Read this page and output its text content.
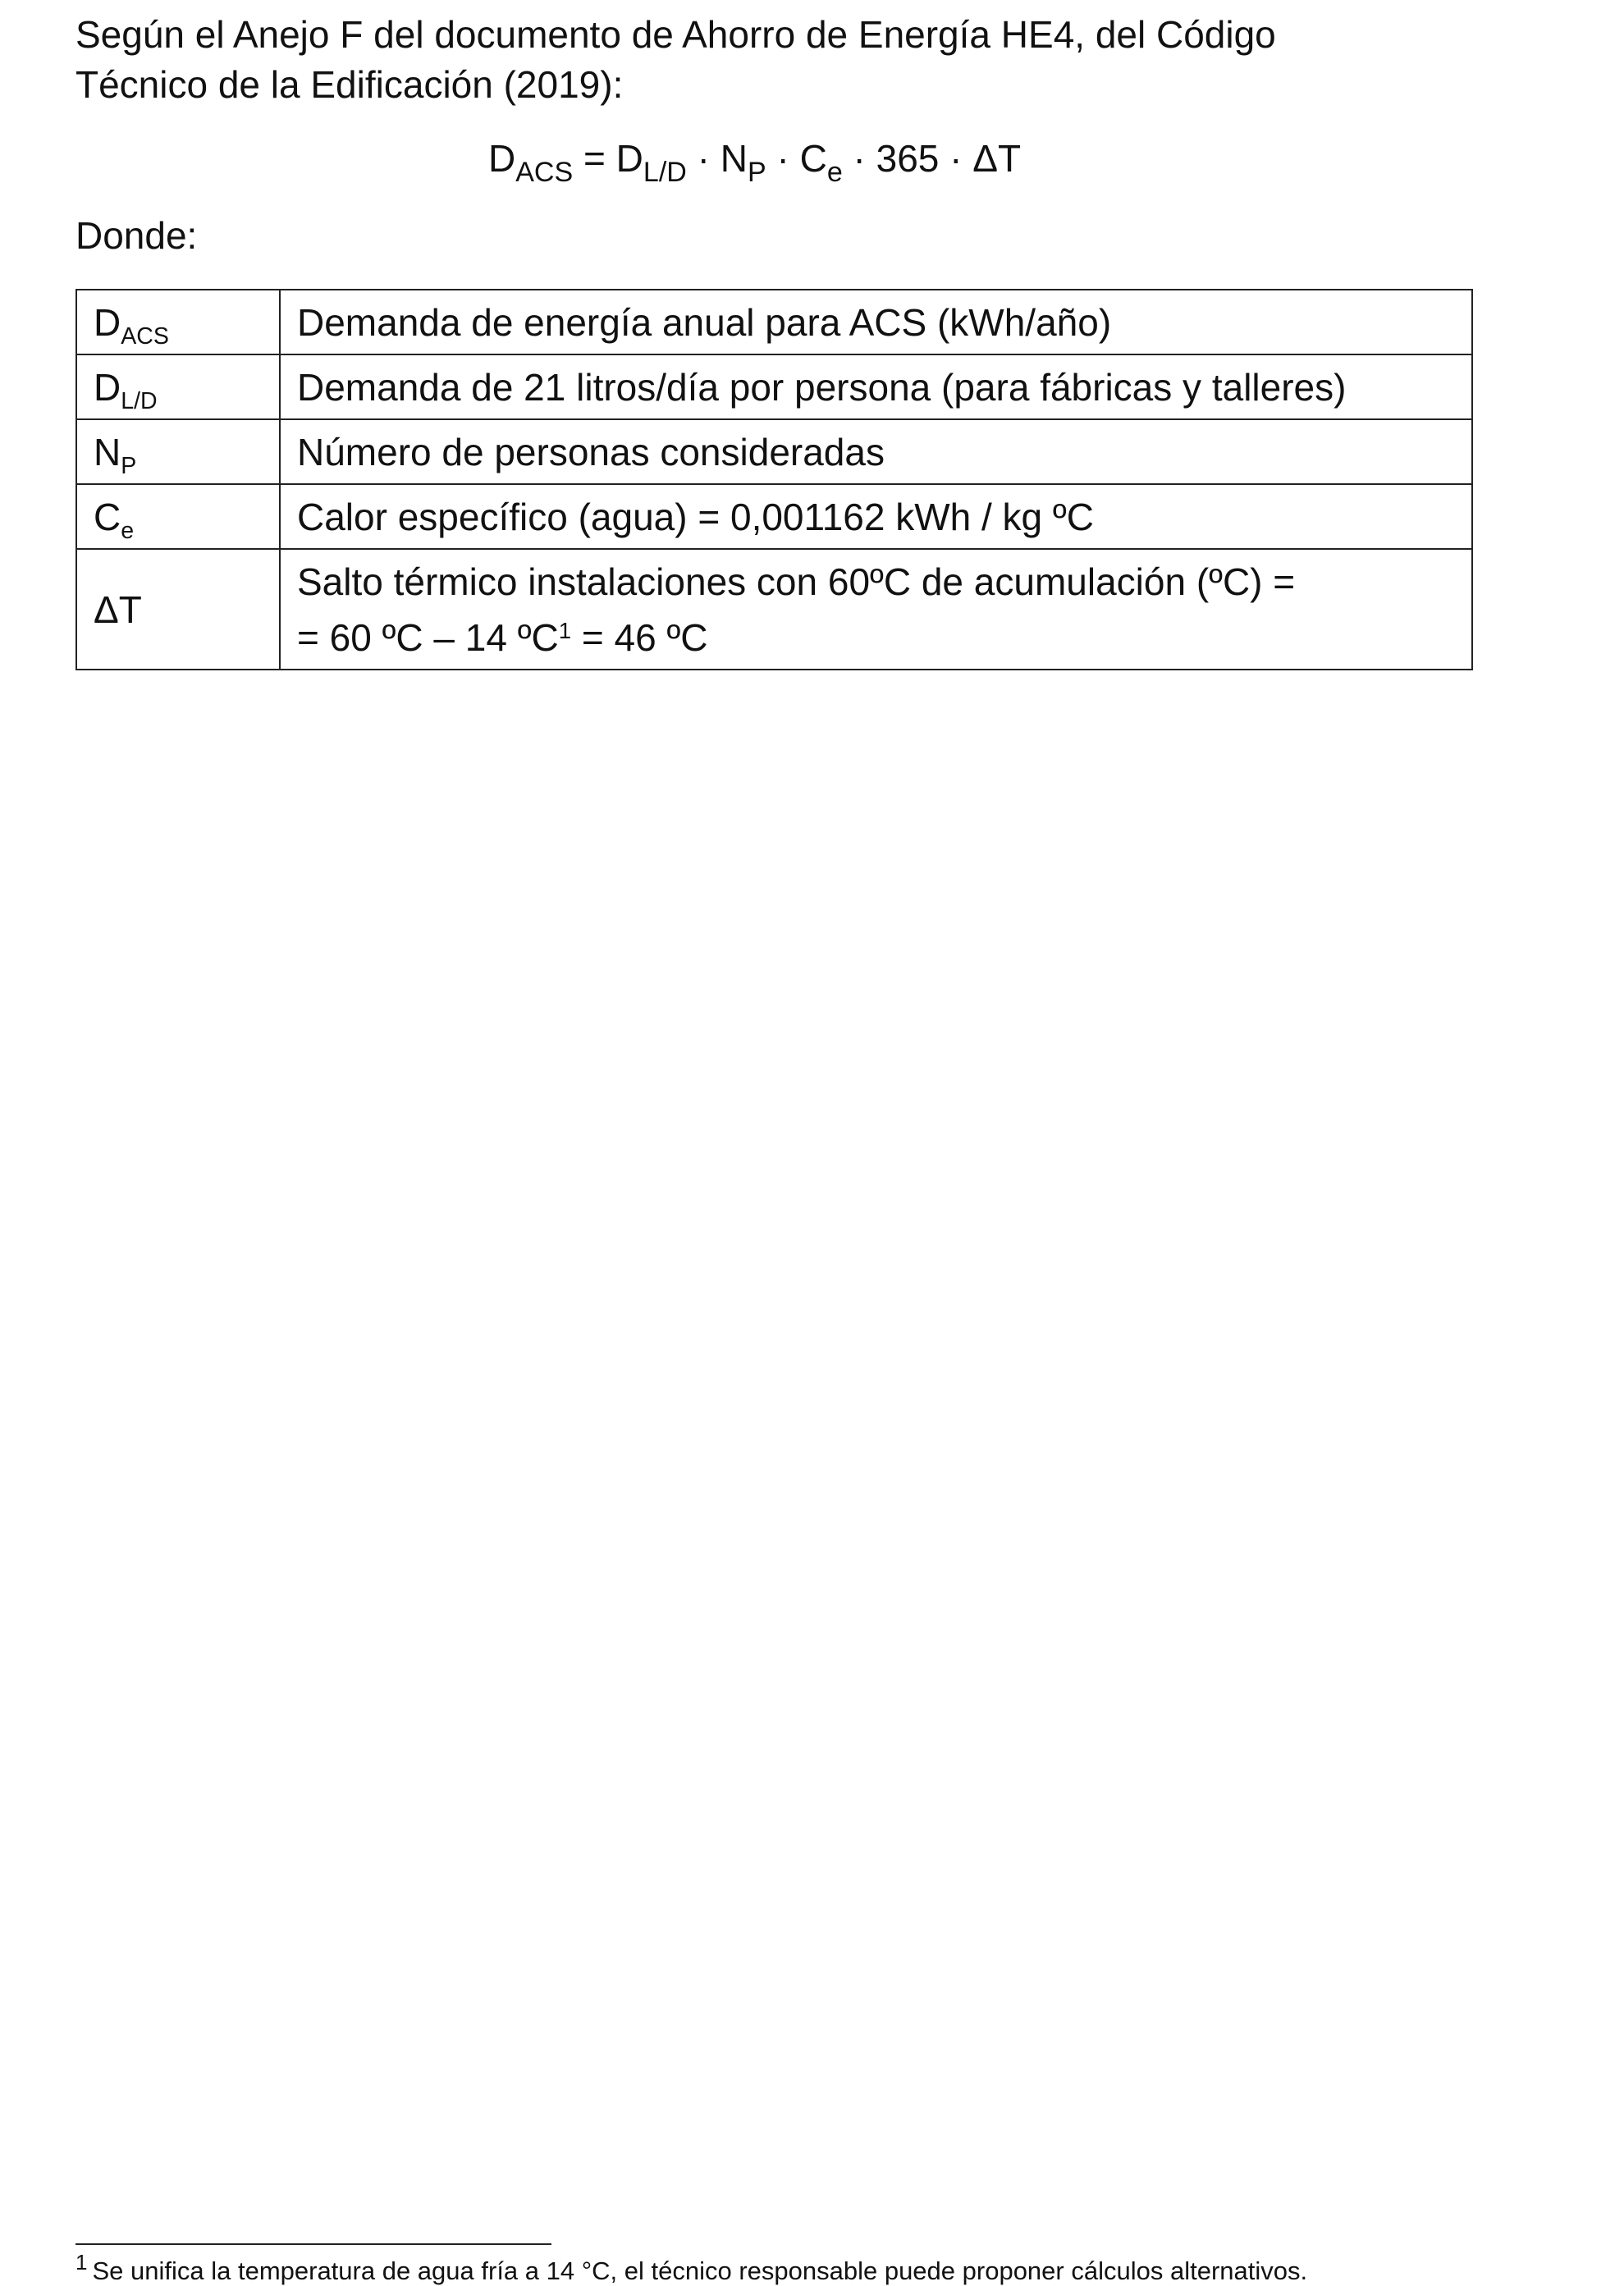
Según el Anejo F del documento de Ahorro de Energía HE4, del Código Técnico de la Edificación (2019):

$D_{ACS} = D_{L/D} \cdot N_P \cdot C_e \cdot 365 \cdot \Delta T$
Donde:
$D_{ACS}$	Demanda de energía anual para ACS (kWh/año)
$D_{L/D}$	Demanda de 21 litros/día por persona (para fábricas y talleres)
$N_P$	Número de personas consideradas
$C_e$	Calor específico (agua) = 0,001162 kWh / kg ºC
ΔT	Salto térmico instalaciones con 60ºC de acumulación (ºC) =
= 60 ºC – 14 ºC$^1$ = 46 ºC
$^1$ Se unifica la temperatura de agua fría a 14 °C, el técnico responsable puede proponer cálculos alternativos.
